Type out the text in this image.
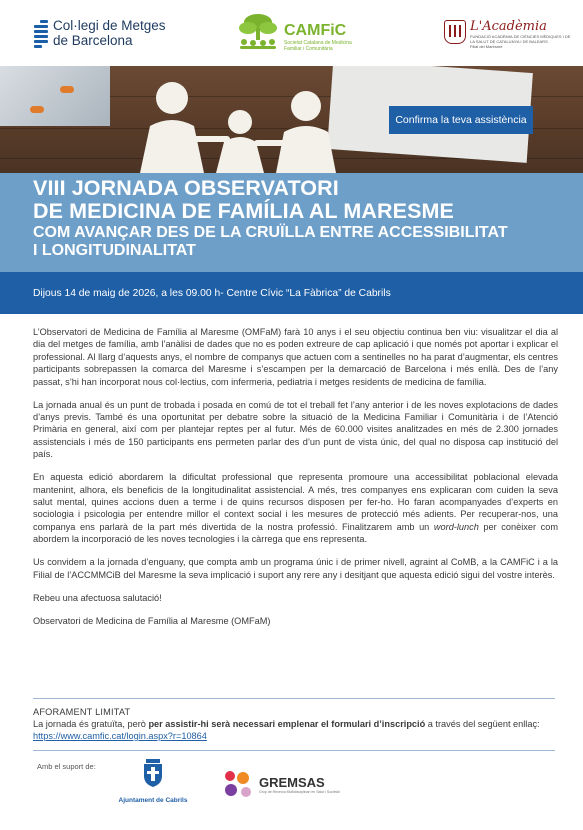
Col·legi de Metges
de Barcelona
CAMFiC
Societat Catalana de Medicina Familiar i Comunitària
L'Acadèmia
FUNDACIÓ ACADÈMIA DE CIÈNCIES MÈDIQUES I DE LA SALUT DE CATALUNYA I DE BALEARS
Filial del Maresme
Confirma la teva assistència
VIII JORNADA OBSERVATORI
DE MEDICINA DE FAMÍLIA AL MARESME
COM AVANÇAR DES DE LA CRUÏLLA ENTRE ACCESSIBILITAT
I LONGITUDINALITAT
Dijous 14 de maig de 2026, a les 09.00 h- Centre Cívic “La Fàbrica” de Cabrils

L’Observatori de Medicina de Família al Maresme (OMFaM) farà 10 anys i el seu objectiu continua ben viu: visualitzar el dia al dia del metges de família, amb l’anàlisi de dades que no es poden extreure de cap aplicació i que només pot aportar i explicar el professional. Al llarg d’aquests anys, el nombre de companys que actuen com a sentinelles no ha parat d’augmentar, els centres participants sobrepassen la comarca del Maresme i s’escampen per la demarcació de Barcelona i més enllà. Des de l’any passat, s’hi han incorporat nous col·lectius, com infermeria, pediatria i metges residents de medicina de família.

La jornada anual és un punt de trobada i posada en comú de tot el treball fet l’any anterior i de les noves explotacions de dades d’anys previs. També és una oportunitat per debatre sobre la situació de la Medicina Familiar i Comunitària i de l’Atenció Primària en general, així com per plantejar reptes per al futur. Més de 60.000 visites analitzades en més de 2.300 jornades assistencials i més de 150 participants ens permeten parlar des d’un punt de vista únic, del qual no disposa cap institució del país.

En aquesta edició abordarem la dificultat professional que representa promoure una accessibilitat poblacional elevada mantenint, alhora, els beneficis de la longitudinalitat assistencial. A més, tres companyes ens explicaran com cuiden la seva salut mental, quines accions duen a terme i de quins recursos disposen per fer-ho. Ho faran acompanyades d’experts en sociologia i psicologia per entendre millor el context social i les mesures de protecció més adients. Per recuperar-nos, una companya ens parlarà de la part més divertida de la nostra professió. Finalitzarem amb un word-lunch per conèixer com abordem la incorporació de les noves tecnologies i la càrrega que ens representa.

Us convidem a la jornada d’enguany, que compta amb un programa únic i de primer nivell, agraint al CoMB, a la CAMFiC i a la Filial de l’ACCMMCiB del Maresme la seva implicació i suport any rere any i desitjant que aquesta edició sigui del vostre interès.

Rebeu una afectuosa salutació!

Observatori de Medicina de Família al Maresme (OMFaM)

AFORAMENT LIMITAT
La jornada és gratuïta, però per assistir-hi serà necessari emplenar el formulari d’inscripció a través del següent enllaç: https://www.camfic.cat/login.aspx?r=10864
Amb el suport de:
Ajuntament de Cabrils
GREMSAS
Grup de Recerca Multidisciplinari en Salut i Societat
